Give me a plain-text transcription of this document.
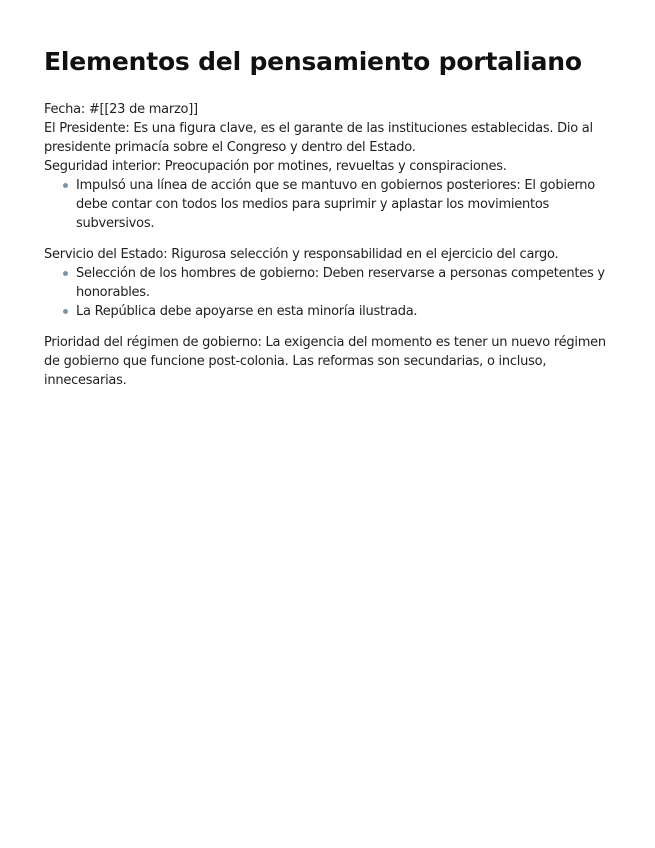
Elementos del pensamiento portaliano

Fecha: #[[23 de marzo]]

El Presidente: Es una figura clave, es el garante de las instituciones establecidas. Dio al presidente primacía sobre el Congreso y dentro del Estado.

Seguridad interior: Preocupación por motines, revueltas y conspiraciones.

Impulsó una línea de acción que se mantuvo en gobiernos posteriores: El gobierno debe contar con todos los medios para suprimir y aplastar los movimientos subversivos.

Servicio del Estado: Rigurosa selección y responsabilidad en el ejercicio del cargo.

Selección de los hombres de gobierno: Deben reservarse a personas competentes y honorables.
La República debe apoyarse en esta minoría ilustrada.

Prioridad del régimen de gobierno: La exigencia del momento es tener un nuevo régimen de gobierno que funcione post-colonia. Las reformas son secundarias, o incluso, innecesarias.
